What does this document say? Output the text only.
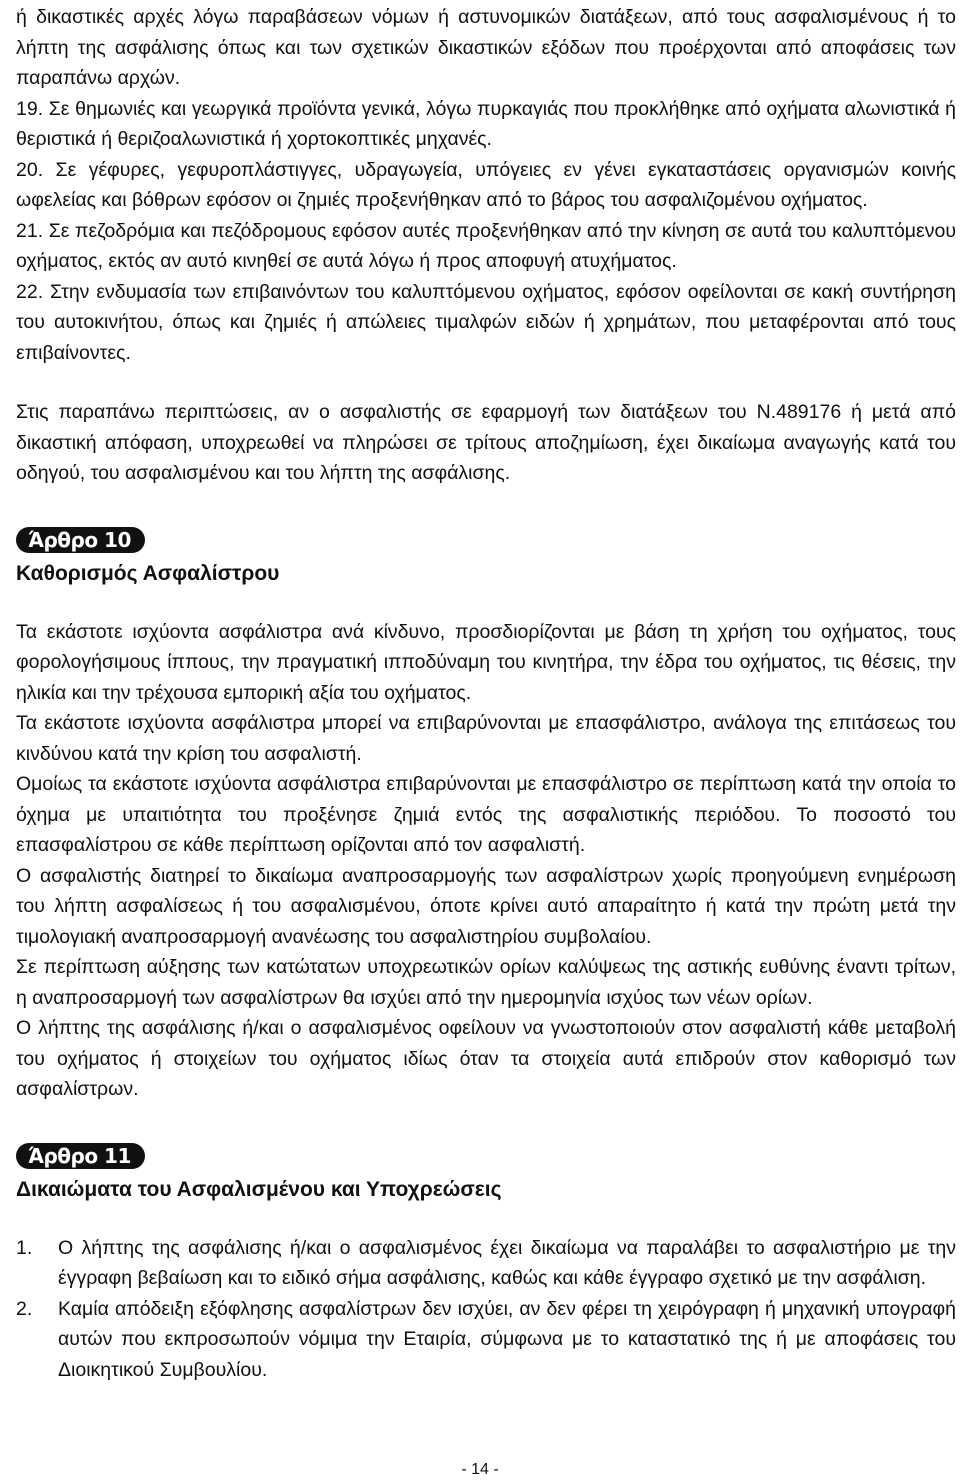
ή δικαστικές αρχές λόγω παραβάσεων νόμων ή αστυνομικών διατάξεων, από τους ασφαλισμένους ή το λήπτη της ασφάλισης όπως και των σχετικών δικαστικών εξόδων που προέρχονται από αποφάσεις των παραπάνω αρχών.

19. Σε θημωνιές και γεωργικά προϊόντα γενικά, λόγω πυρκαγιάς που προκλήθηκε από οχήματα αλωνιστικά ή θεριστικά ή θεριζοαλωνιστικά ή χορτοκοπτικές μηχανές.

20. Σε γέφυρες, γεφυροπλάστιγγες, υδραγωγεία, υπόγειες εν γένει εγκαταστάσεις οργανισμών κοινής ωφελείας και βόθρων εφόσον οι ζημιές προξενήθηκαν από το βάρος του ασφαλιζομένου οχήματος.

21. Σε πεζοδρόμια και πεζόδρομους εφόσον αυτές προξενήθηκαν από την κίνηση σε αυτά του καλυπτόμενου οχήματος, εκτός αν αυτό κινηθεί σε αυτά λόγω ή προς αποφυγή ατυχήματος.

22. Στην ενδυμασία των επιβαινόντων του καλυπτόμενου οχήματος, εφόσον οφείλονται σε κακή συντήρηση του αυτοκινήτου, όπως και ζημιές ή απώλειες τιμαλφών ειδών ή χρημάτων, που μεταφέρονται από τους επιβαίνοντες.

Στις παραπάνω περιπτώσεις, αν ο ασφαλιστής σε εφαρμογή των διατάξεων του Ν.489176 ή μετά από δικαστική απόφαση, υποχρεωθεί να πληρώσει σε τρίτους αποζημίωση, έχει δικαίωμα αναγωγής κατά του οδηγού, του ασφαλισμένου και του λήπτη της ασφάλισης.

Άρθρο 10
Καθορισμός Ασφαλίστρου

Τα εκάστοτε ισχύοντα ασφάλιστρα ανά κίνδυνο, προσδιορίζονται με βάση τη χρήση του οχήματος, τους φορολογήσιμους ίππους, την πραγματική ιπποδύναμη του κινητήρα, την έδρα του οχήματος, τις θέσεις, την ηλικία και την τρέχουσα εμπορική αξία του οχήματος.

Τα εκάστοτε ισχύοντα ασφάλιστρα μπορεί να επιβαρύνονται με επασφάλιστρο, ανάλογα της επιτάσεως του κινδύνου κατά την κρίση του ασφαλιστή.

Ομοίως τα εκάστοτε ισχύοντα ασφάλιστρα επιβαρύνονται με επασφάλιστρο σε περίπτωση κατά την οποία το όχημα με υπαιτιότητα του προξένησε ζημιά εντός της ασφαλιστικής περιόδου. Το ποσοστό του επασφαλίστρου σε κάθε περίπτωση ορίζονται από τον ασφαλιστή.

Ο ασφαλιστής διατηρεί το δικαίωμα αναπροσαρμογής των ασφαλίστρων χωρίς προηγούμενη ενημέρωση του λήπτη ασφαλίσεως ή του ασφαλισμένου, όποτε κρίνει αυτό απαραίτητο ή κατά την πρώτη μετά την τιμολογιακή αναπροσαρμογή ανανέωσης του ασφαλιστηρίου συμβολαίου.

Σε περίπτωση αύξησης των κατώτατων υποχρεωτικών ορίων καλύψεως της αστικής ευθύνης έναντι τρίτων, η αναπροσαρμογή των ασφαλίστρων θα ισχύει από την ημερομηνία ισχύος των νέων ορίων.

Ο λήπτης της ασφάλισης ή/και ο ασφαλισμένος οφείλουν να γνωστοποιούν στον ασφαλιστή κάθε μεταβολή του οχήματος ή στοιχείων του οχήματος ιδίως όταν τα στοιχεία αυτά επιδρούν στον καθορισμό των ασφαλίστρων.

Άρθρο 11
Δικαιώματα του Ασφαλισμένου και Υποχρεώσεις
1.	Ο λήπτης της ασφάλισης ή/και ο ασφαλισμένος έχει δικαίωμα να παραλάβει το ασφαλιστήριο με την έγγραφη βεβαίωση και το ειδικό σήμα ασφάλισης, καθώς και κάθε έγγραφο σχετικό με την ασφάλιση.
2.	Καμία απόδειξη εξόφλησης ασφαλίστρων δεν ισχύει, αν δεν φέρει τη χειρόγραφη ή μηχανική υπογραφή αυτών που εκπροσωπούν νόμιμα την Εταιρία, σύμφωνα με το καταστατικό της ή με αποφάσεις του Διοικητικού Συμβουλίου.
- 14 -
